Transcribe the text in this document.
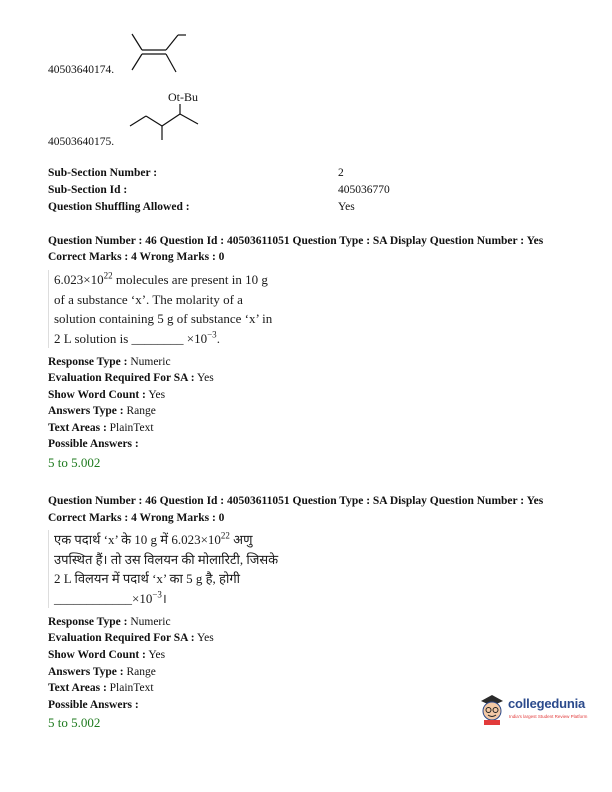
40503640174.
Ot-Bu
40503640175.
Sub-Section Number :	2
Sub-Section Id :	405036770
Question Shuffling Allowed :	Yes
Question Number : 46 Question Id : 40503611051 Question Type : SA Display Question Number : Yes
Correct Marks : 4 Wrong Marks : 0
$6.023\times 10^{22}$ molecules are present in 10 g
of a substance ‘x’. The molarity of a
solution containing 5 g of substance ‘x’ in
2 L solution is ________ $\times 10^{-3}$.
Response Type : Numeric
Evaluation Required For SA : Yes
Show Word Count : Yes
Answers Type : Range
Text Areas : PlainText
Possible Answers :
5 to 5.002
Question Number : 46 Question Id : 40503611051 Question Type : SA Display Question Number : Yes
Correct Marks : 4 Wrong Marks : 0
एक पदार्थ ‘x’ के 10 g में $6.023\times 10^{22}$ अणु
उपस्थित हैं। तो उस विलयन की मोलारिटी, जिसके
2 L विलयन में पदार्थ ‘x’ का 5 g है, होगी
$\_\_\_\_\_\_\_\_\_\_\_\_\times 10^{-3}।$
Response Type : Numeric
Evaluation Required For SA : Yes
Show Word Count : Yes
Answers Type : Range
Text Areas : PlainText
Possible Answers :
5 to 5.002
collegedunia
India's largest Student Review Platform
